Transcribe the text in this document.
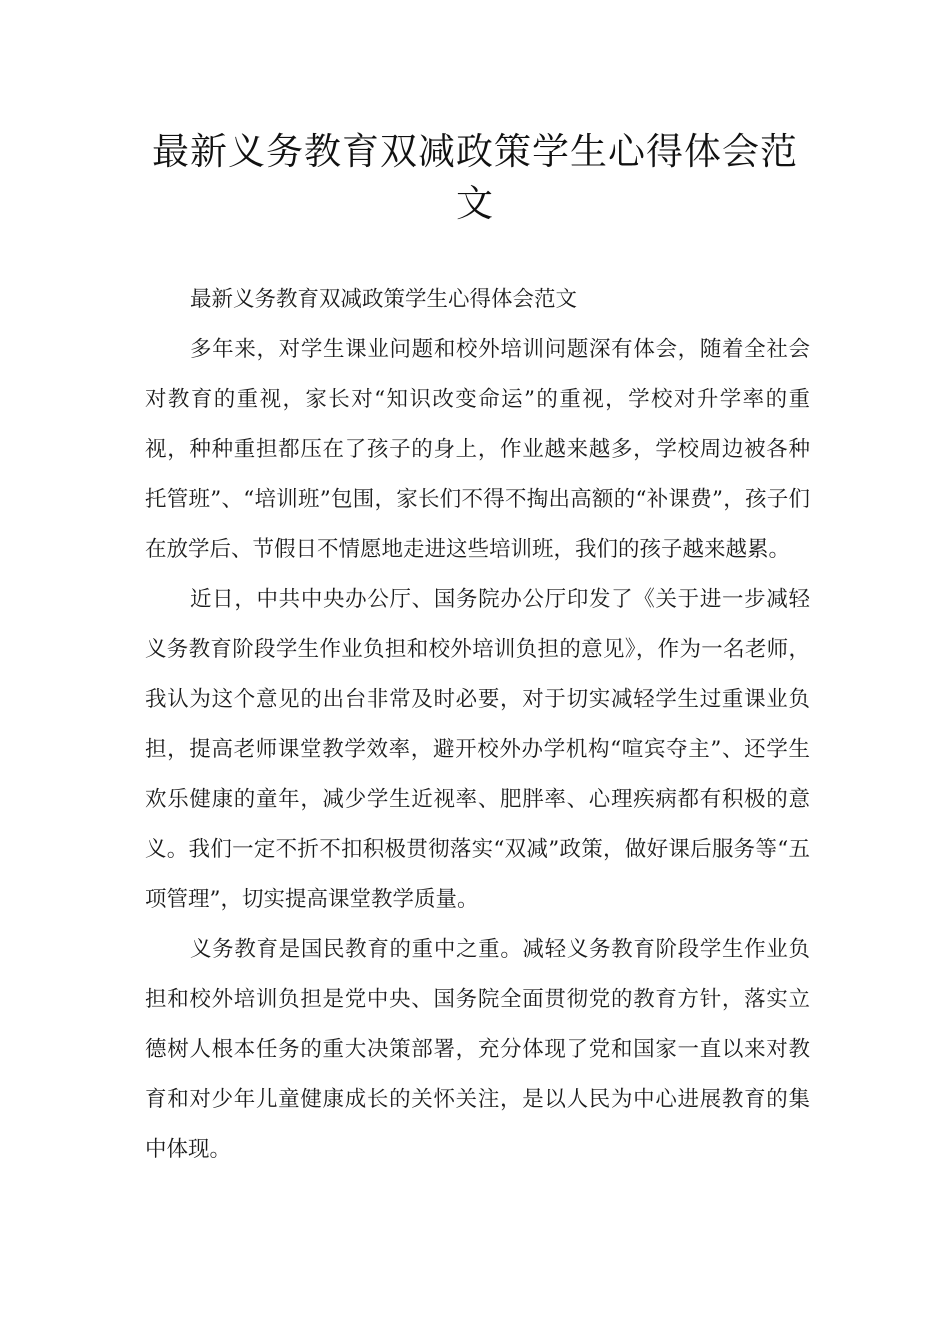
最新义务教育双减政策学生心得体会范文

最新义务教育双减政策学生心得体会范文

多年来，对学生课业问题和校外培训问题深有体会，随着全社会对教育的重视，家长对“知识改变命运”的重视，学校对升学率的重视，种种重担都压在了孩子的身上，作业越来越多，学校周边被各种托管班”、“培训班”包围，家长们不得不掏出高额的“补课费”，孩子们在放学后、节假日不情愿地走进这些培训班，我们的孩子越来越累。

近日，中共中央办公厅、国务院办公厅印发了《关于进一步减轻义务教育阶段学生作业负担和校外培训负担的意见》，作为一名老师，我认为这个意见的出台非常及时必要，对于切实减轻学生过重课业负担，提高老师课堂教学效率，避开校外办学机构“喧宾夺主”、还学生欢乐健康的童年，减少学生近视率、肥胖率、心理疾病都有积极的意义。我们一定不折不扣积极贯彻落实“双减”政策，做好课后服务等“五项管理”，切实提高课堂教学质量。

义务教育是国民教育的重中之重。减轻义务教育阶段学生作业负担和校外培训负担是党中央、国务院全面贯彻党的教育方针，落实立德树人根本任务的重大决策部署，充分体现了党和国家一直以来对教育和对少年儿童健康成长的关怀关注，是以人民为中心进展教育的集中体现。
